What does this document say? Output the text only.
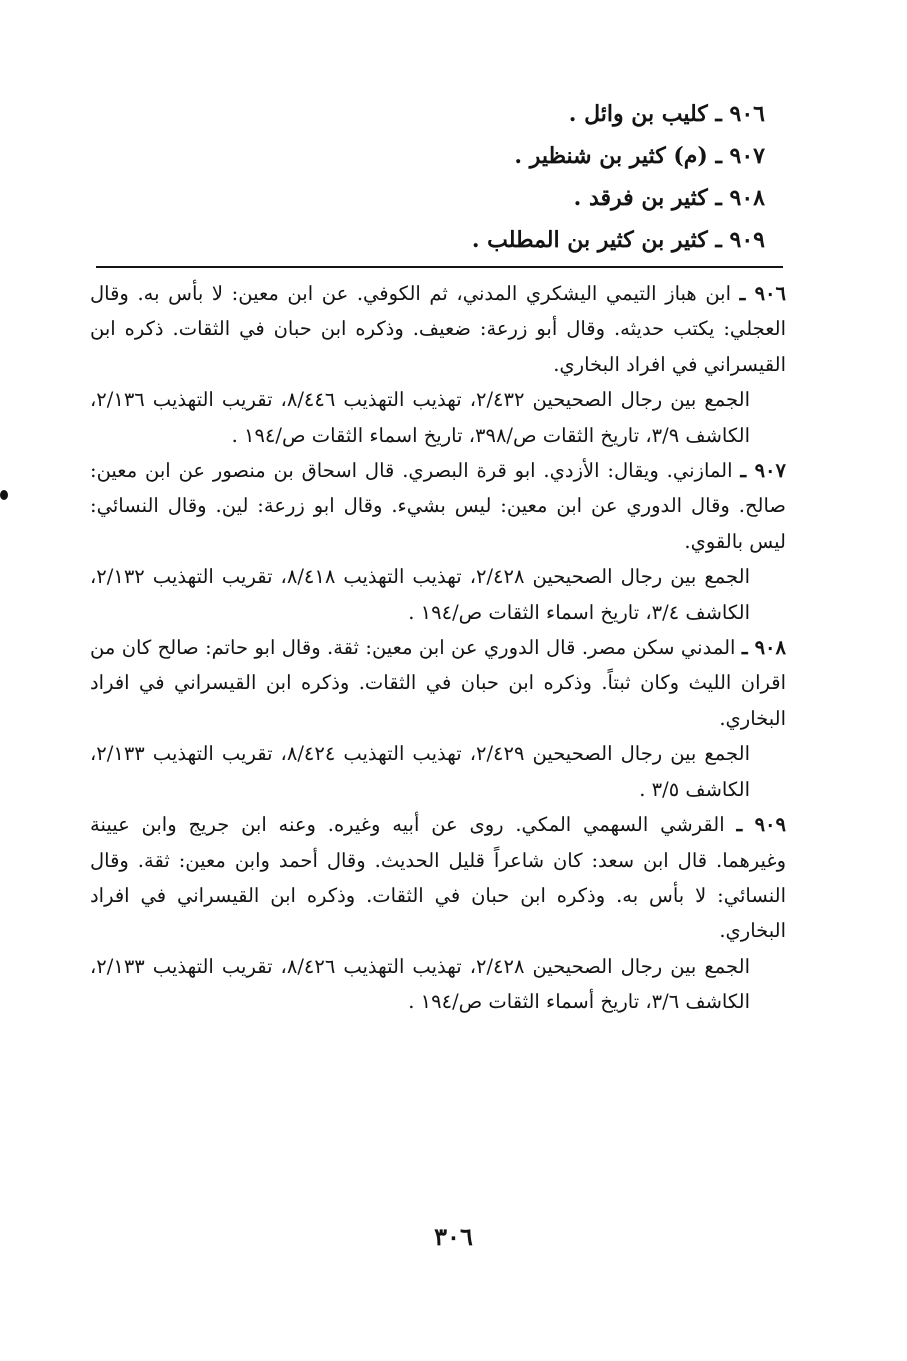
٩٠٦ ـ كليب بن وائل .
٩٠٧ ـ (م) كثير بن شنظير .
٩٠٨ ـ كثير بن فرقد .
٩٠٩ ـ كثير بن كثير بن المطلب .

٩٠٦ ـ ابن هباز التيمي اليشكري المدني، ثم الكوفي. عن ابن معين: لا بأس به. وقال العجلي: يكتب حديثه. وقال أبو زرعة: ضعيف. وذكره ابن حبان في الثقات. ذكره ابن القيسراني في افراد البخاري.

الجمع بين رجال الصحيحين ٢/٤٣٢، تهذيب التهذيب ٨/٤٤٦، تقريب التهذيب ٢/١٣٦، الكاشف ٣/٩، تاريخ الثقات ص/٣٩٨، تاريخ اسماء الثقات ص/١٩٤ .

٩٠٧ ـ المازني. ويقال: الأزدي. ابو قرة البصري. قال اسحاق بن منصور عن ابن معين: صالح. وقال الدوري عن ابن معين: ليس بشيء. وقال ابو زرعة: لين. وقال النسائي: ليس بالقوي.

الجمع بين رجال الصحيحين ٢/٤٢٨، تهذيب التهذيب ٨/٤١٨، تقريب التهذيب ٢/١٣٢، الكاشف ٣/٤، تاريخ اسماء الثقات ص/١٩٤ .

٩٠٨ ـ المدني سكن مصر. قال الدوري عن ابن معين: ثقة. وقال ابو حاتم: صالح كان من اقران الليث وكان ثبتاً. وذكره ابن حبان في الثقات. وذكره ابن القيسراني في افراد البخاري.

الجمع بين رجال الصحيحين ٢/٤٢٩، تهذيب التهذيب ٨/٤٢٤، تقريب التهذيب ٢/١٣٣، الكاشف ٣/٥ .

٩٠٩ ـ القرشي السهمي المكي. روى عن أبيه وغيره. وعنه ابن جريج وابن عيينة وغيرهما. قال ابن سعد: كان شاعراً قليل الحديث. وقال أحمد وابن معين: ثقة. وقال النسائي: لا بأس به. وذكره ابن حبان في الثقات. وذكره ابن القيسراني في افراد البخاري.

الجمع بين رجال الصحيحين ٢/٤٢٨، تهذيب التهذيب ٨/٤٢٦، تقريب التهذيب ٢/١٣٣، الكاشف ٣/٦، تاريخ أسماء الثقات ص/١٩٤ .

٣٠٦
